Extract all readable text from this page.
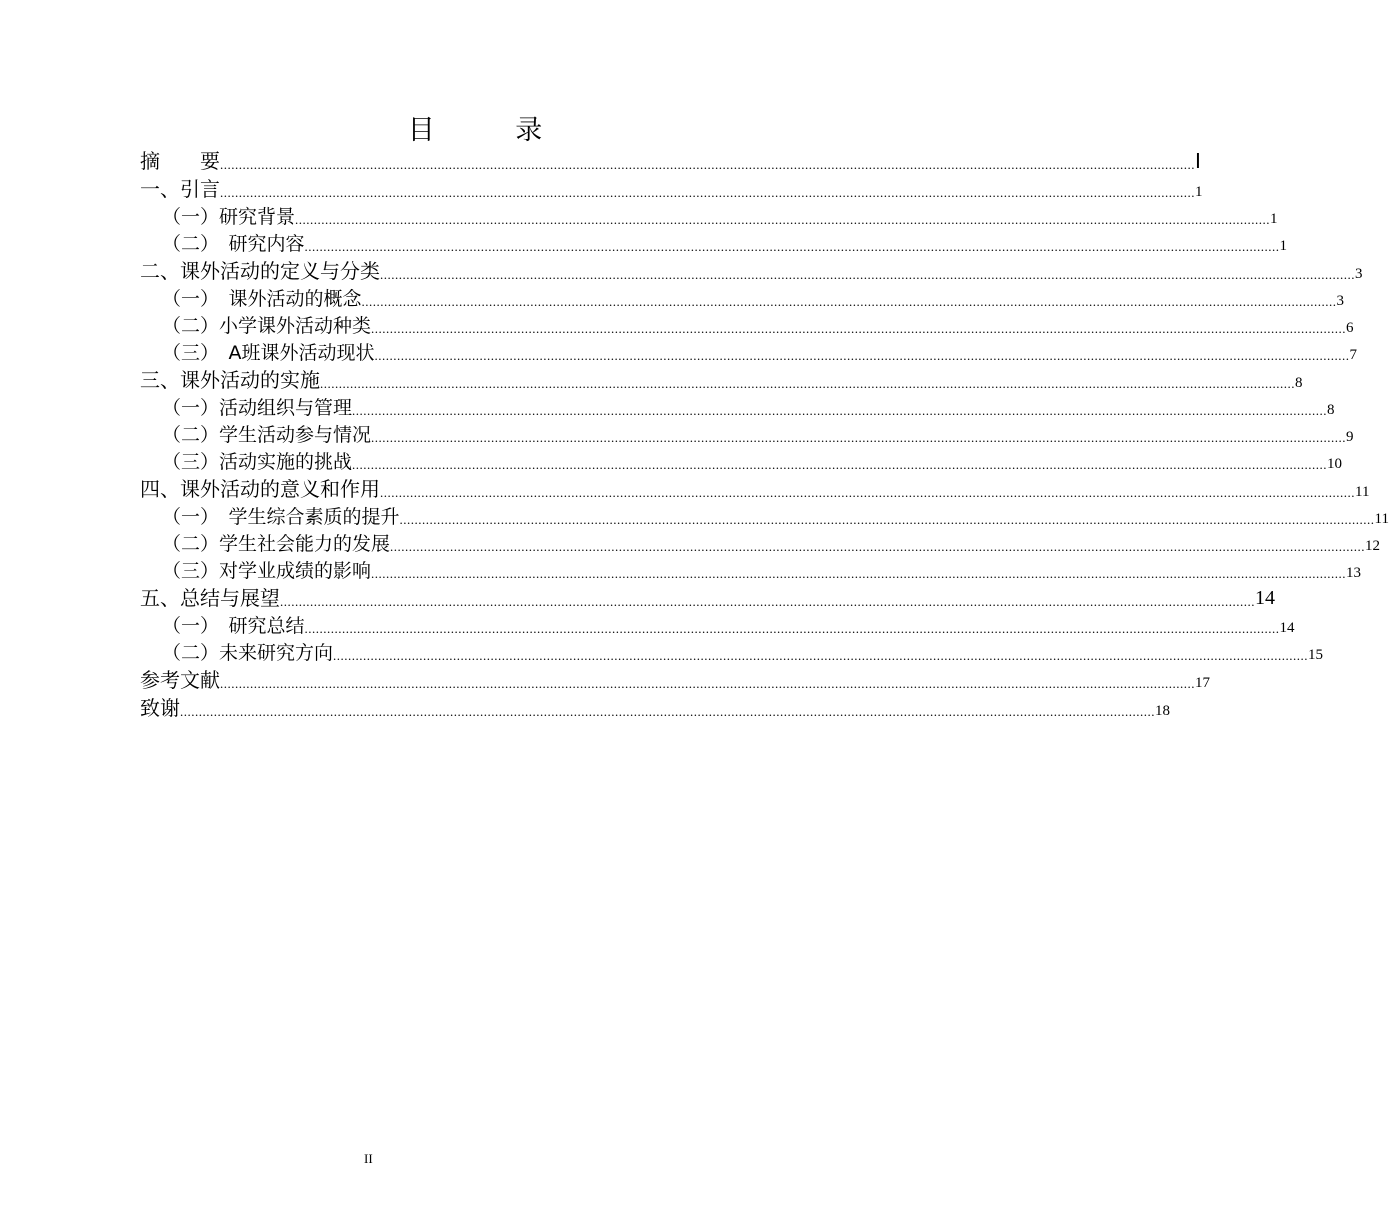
目 录
摘　　要 .................................................................................................................................................................................................................................................................... Ⅰ
一、引言 .................................................................................................................................................................................................................................................................... 1
（一）研究背景 .................................................................................................................................................................................................................................................................... 1
（二）　研究内容 .................................................................................................................................................................................................................................................................... 1
二、课外活动的定义与分类 .................................................................................................................................................................................................................................................................... 3
（一）　课外活动的概念 .................................................................................................................................................................................................................................................................... 3
（二）小学课外活动种类 .................................................................................................................................................................................................................................................................... 6
（三）　A班课外活动现状 .................................................................................................................................................................................................................................................................... 7
三、课外活动的实施 .................................................................................................................................................................................................................................................................... 8
（一）活动组织与管理 .................................................................................................................................................................................................................................................................... 8
（二）学生活动参与情况 .................................................................................................................................................................................................................................................................... 9
（三）活动实施的挑战 .................................................................................................................................................................................................................................................................... 10
四、课外活动的意义和作用 .................................................................................................................................................................................................................................................................... 11
（一）　学生综合素质的提升 .................................................................................................................................................................................................................................................................... 11
（二）学生社会能力的发展 .................................................................................................................................................................................................................................................................... 12
（三）对学业成绩的影响 .................................................................................................................................................................................................................................................................... 13
五、总结与展望 .................................................................................................................................................................................................................................................................... 14
（一）　研究总结 .................................................................................................................................................................................................................................................................... 14
（二）未来研究方向 .................................................................................................................................................................................................................................................................... 15
参考文献 .................................................................................................................................................................................................................................................................... 17
致谢 .................................................................................................................................................................................................................................................................... 18
II
